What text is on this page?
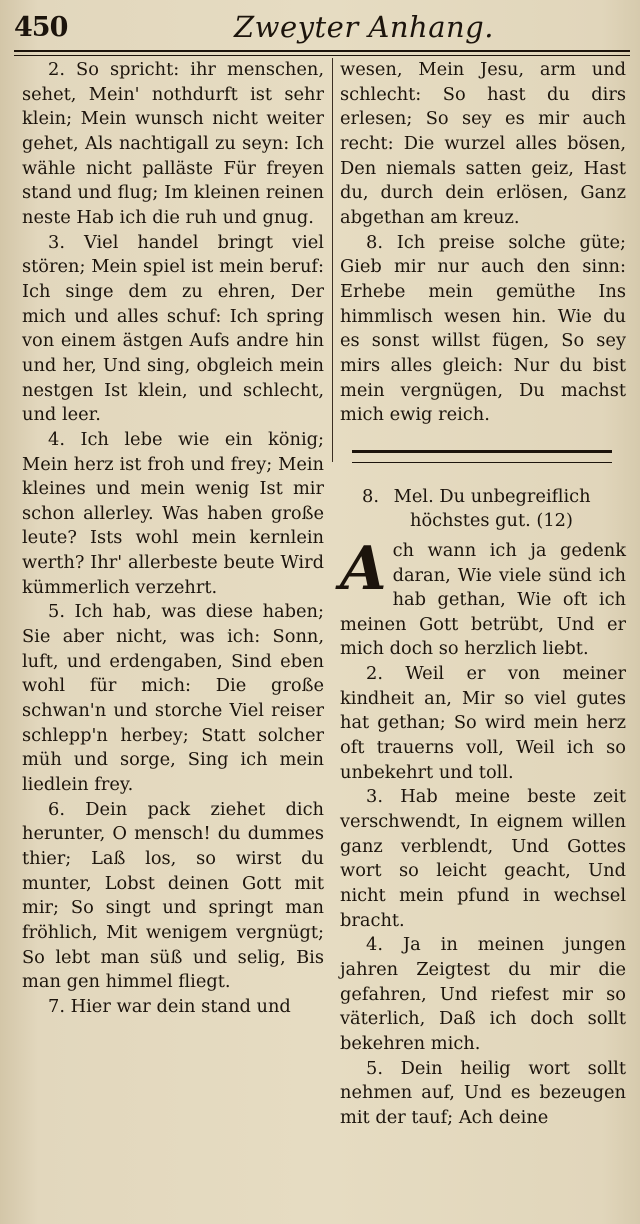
450	Zweyter Anhang.

2. So spricht: ihr menschen, sehet, Mein' nothdurft ist sehr klein; Mein wunsch nicht weiter gehet, Als nachtigall zu seyn: Ich wähle nicht palläste Für freyen stand und flug; Im kleinen reinen neste Hab ich die ruh und gnug.

3. Viel handel bringt viel stören; Mein spiel ist mein beruf: Ich singe dem zu ehren, Der mich und alles schuf: Ich spring von einem ästgen Aufs andre hin und her, Und sing, obgleich mein nestgen Ist klein, und schlecht, und leer.

4. Ich lebe wie ein könig; Mein herz ist froh und frey; Mein kleines und mein wenig Ist mir schon allerley. Was haben große leute? Ists wohl mein kernlein werth? Ihr' allerbeste beute Wird kümmerlich verzehrt.

5. Ich hab, was diese haben; Sie aber nicht, was ich: Sonn, luft, und erdengaben, Sind eben wohl für mich: Die große schwan'n und storche Viel reiser schlepp'n herbey; Statt solcher müh und sorge, Sing ich mein liedlein frey.

6. Dein pack ziehet dich herunter, O mensch! du dummes thier; Laß los, so wirst du munter, Lobst deinen Gott mit mir; So singt und springt man fröhlich, Mit wenigem vergnügt; So lebt man süß und selig, Bis man gen himmel fliegt.

7. Hier war dein stand und

wesen, Mein Jesu, arm und schlecht: So hast du dirs erlesen; So sey es mir auch recht: Die wurzel alles bösen, Den niemals satten geiz, Hast du, durch dein erlösen, Ganz abgethan am kreuz.

8. Ich preise solche güte; Gieb mir nur auch den sinn: Erhebe mein gemüthe Ins himmlisch wesen hin. Wie du es sonst willst fügen, So sey mirs alles gleich: Nur du bist mein vergnügen, Du machst mich ewig reich.

8. Mel. Du unbegreiflich
höchstes gut. (12)

Ach wann ich ja gedenk daran, Wie viele sünd ich hab gethan, Wie oft ich meinen Gott betrübt, Und er mich doch so herzlich liebt.

2. Weil er von meiner kindheit an, Mir so viel gutes hat gethan; So wird mein herz oft trauerns voll, Weil ich so unbekehrt und toll.

3. Hab meine beste zeit verschwendt, In eignem willen ganz verblendt, Und Gottes wort so leicht geacht, Und nicht mein pfund in wechsel bracht.

4. Ja in meinen jungen jahren Zeigtest du mir die gefahren, Und riefest mir so väterlich, Daß ich doch sollt bekehren mich.

5. Dein heilig wort sollt nehmen auf, Und es bezeugen mit der tauf; Ach deine
